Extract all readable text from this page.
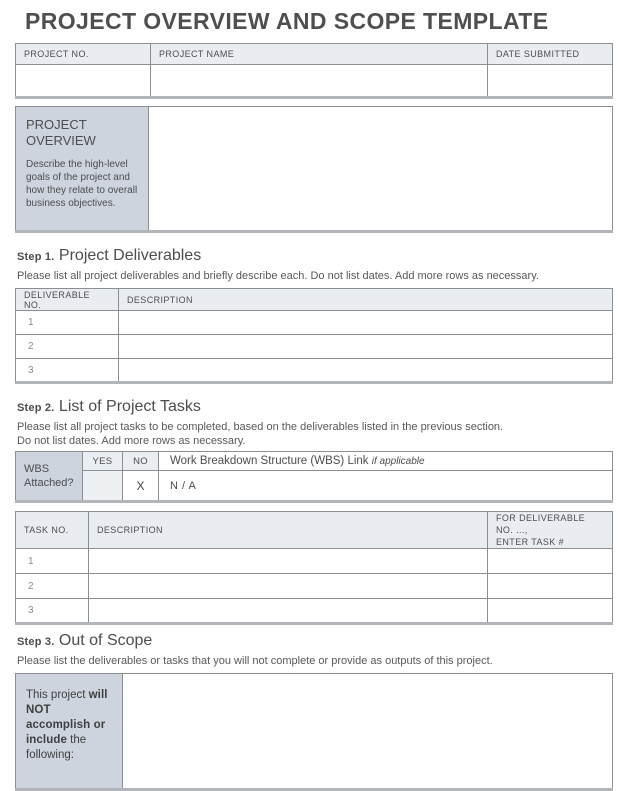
PROJECT OVERVIEW AND SCOPE TEMPLATE
PROJECT NO.	PROJECT NAME	DATE SUBMITTED

PROJECT OVERVIEW
Describe the high-level goals of the project and how they relate to overall business objectives.

Step 1. Project Deliverables
Please list all project deliverables and briefly describe each. Do not list dates. Add more rows as necessary.
DELIVERABLE NO.	DESCRIPTION
1	
2	
3	
Step 2. List of Project Tasks
Please list all project tasks to be completed, based on the deliverables listed in the previous section.
Do not list dates. Add more rows as necessary.
WBS Attached?	YES	NO	Work Breakdown Structure (WBS) Link if applicable
		X	N / A
TASK NO.	DESCRIPTION	FOR DELIVERABLE NO. ...,
ENTER TASK #

1		
2		
3		
Step 3. Out of Scope
Please list the deliverables or tasks that you will not complete or provide as outputs of this project.
This project will NOT accomplish or include the following:	
